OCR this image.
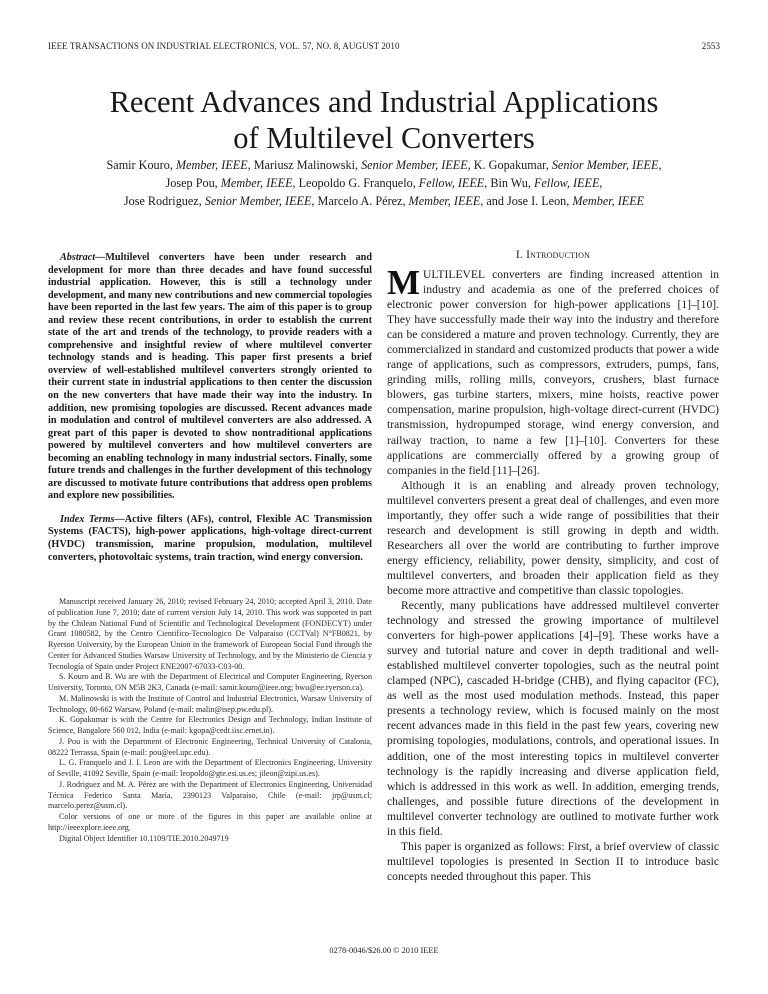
IEEE TRANSACTIONS ON INDUSTRIAL ELECTRONICS, VOL. 57, NO. 8, AUGUST 2010	2553
Recent Advances and Industrial Applications
of Multilevel Converters
Samir Kouro, Member, IEEE, Mariusz Malinowski, Senior Member, IEEE, K. Gopakumar, Senior Member, IEEE,
Josep Pou, Member, IEEE, Leopoldo G. Franquelo, Fellow, IEEE, Bin Wu, Fellow, IEEE,
Jose Rodriguez, Senior Member, IEEE, Marcelo A. Pérez, Member, IEEE, and Jose I. Leon, Member, IEEE

Abstract—Multilevel converters have been under research and development for more than three decades and have found successful industrial application. However, this is still a technology under development, and many new contributions and new commercial topologies have been reported in the last few years. The aim of this paper is to group and review these recent contributions, in order to establish the current state of the art and trends of the technology, to provide readers with a comprehensive and insightful review of where multilevel converter technology stands and is heading. This paper first presents a brief overview of well-established multilevel converters strongly oriented to their current state in industrial applications to then center the discussion on the new converters that have made their way into the industry. In addition, new promising topologies are discussed. Recent advances made in modulation and control of multilevel converters are also addressed. A great part of this paper is devoted to show nontraditional applications powered by multilevel converters and how multilevel converters are becoming an enabling technology in many industrial sectors. Finally, some future trends and challenges in the further development of this technology are discussed to motivate future contributions that address open problems and explore new possibilities.

Index Terms—Active filters (AFs), control, Flexible AC Transmission Systems (FACTS), high-power applications, high-voltage direct-current (HVDC) transmission, marine propulsion, modulation, multilevel converters, photovoltaic systems, train traction, wind energy conversion.

Manuscript received January 26, 2010; revised February 24, 2010; accepted April 3, 2010. Date of publication June 7, 2010; date of current version July 14, 2010. This work was supported in part by the Chilean National Fund of Scientific and Technological Development (FONDECYT) under Grant 1080582, by the Centro Cientifico-Tecnologico De Valparaiso (CCTVal) N°FB0821, by Ryerson University, by the European Union in the framework of European Social Fund through the Center for Advanced Studies Warsaw University of Technology, and by the Ministerio de Ciencia y Tecnología of Spain under Project ENE2007-67033-C03-00.

S. Kouro and B. Wu are with the Department of Electrical and Computer Engineering, Ryerson University, Toronto, ON M5B 2K3, Canada (e-mail: samir.kouro@ieee.org; bwu@ee.ryerson.ca).

M. Malinowski is with the Institute of Control and Industrial Electronics, Warsaw University of Technology, 00-662 Warsaw, Poland (e-mail: malin@isep.pw.edu.pl).

K. Gopakumar is with the Centre for Electronics Design and Technology, Indian Institute of Science, Bangalore 560 012, India (e-mail: kgopa@cedt.iisc.ernet.in).

J. Pou is with the Department of Electronic Engineering, Technical University of Catalonia, 08222 Terrassa, Spain (e-mail: pou@eel.upc.edu).

L. G. Franquelo and J. I. Leon are with the Department of Electronics Engineering, University of Seville, 41092 Seville, Spain (e-mail: leopoldo@gte.esi.us.es; jileon@zipi.us.es).

J. Rodriguez and M. A. Pérez are with the Department of Electronics Engineering, Universidad Técnica Federico Santa María, 2390123 Valparaíso, Chile (e-mail: jrp@usm.cl; marcelo.perez@usm.cl).

Color versions of one or more of the figures in this paper are available online at http://ieeexplore.ieee.org.

Digital Object Identifier 10.1109/TIE.2010.2049719

I. Introduction

MULTILEVEL converters are finding increased attention in industry and academia as one of the preferred choices of electronic power conversion for high-power applications [1]–[10]. They have successfully made their way into the industry and therefore can be considered a mature and proven technology. Currently, they are commercialized in standard and customized products that power a wide range of applications, such as compressors, extruders, pumps, fans, grinding mills, rolling mills, conveyors, crushers, blast furnace blowers, gas turbine starters, mixers, mine hoists, reactive power compensation, marine propulsion, high-voltage direct-current (HVDC) transmission, hydropumped storage, wind energy conversion, and railway traction, to name a few [1]–[10]. Converters for these applications are commercially offered by a growing group of companies in the field [11]–[26].

Although it is an enabling and already proven technology, multilevel converters present a great deal of challenges, and even more importantly, they offer such a wide range of possibilities that their research and development is still growing in depth and width. Researchers all over the world are contributing to further improve energy efficiency, reliability, power density, simplicity, and cost of multilevel converters, and broaden their application field as they become more attractive and competitive than classic topologies.

Recently, many publications have addressed multilevel converter technology and stressed the growing importance of multilevel converters for high-power applications [4]–[9]. These works have a survey and tutorial nature and cover in depth traditional and well-established multilevel converter topologies, such as the neutral point clamped (NPC), cascaded H-bridge (CHB), and flying capacitor (FC), as well as the most used modulation methods. Instead, this paper presents a technology review, which is focused mainly on the most recent advances made in this field in the past few years, covering new promising topologies, modulations, controls, and operational issues. In addition, one of the most interesting topics in multilevel converter technology is the rapidly increasing and diverse application field, which is addressed in this work as well. In addition, emerging trends, challenges, and possible future directions of the development in multilevel converter technology are outlined to motivate further work in this field.

This paper is organized as follows: First, a brief overview of classic multilevel topologies is presented in Section II to introduce basic concepts needed throughout this paper. This

0278-0046/$26.00 © 2010 IEEE
